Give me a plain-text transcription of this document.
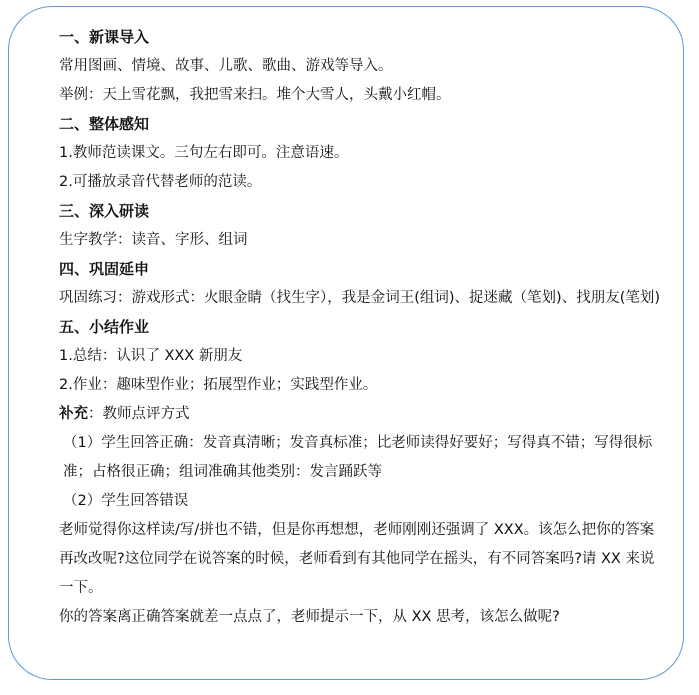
一、新课导入
常用图画、情境、故事、儿歌、歌曲、游戏等导入。
举例：天上雪花飘，我把雪来扫。堆个大雪人，头戴小红帽。
二、整体感知
1.教师范读课文。三句左右即可。注意语速。
2.可播放录音代替老师的范读。
三、深入研读
生字教学：读音、字形、组词
四、巩固延申
巩固练习：游戏形式：火眼金睛（找生字），我是金词王(组词)、捉迷藏（笔划)、找朋友(笔划)
五、小结作业
1.总结：认识了 XXX 新朋友
2.作业：趣味型作业；拓展型作业；实践型作业。
补充：教师点评方式
（1）学生回答正确：发音真清晰；发音真标准；比老师读得好要好；写得真不错；写得很标准；占格很正确；组词准确其他类别：发言踊跃等
（2）学生回答错误
老师觉得你这样读/写/拼也不错，但是你再想想，老师刚刚还强调了 XXX。该怎么把你的答案再改改呢?这位同学在说答案的时候，老师看到有其他同学在摇头，有不同答案吗?请 XX 来说一下。
你的答案离正确答案就差一点点了，老师提示一下，从 XX 思考，该怎么做呢?
